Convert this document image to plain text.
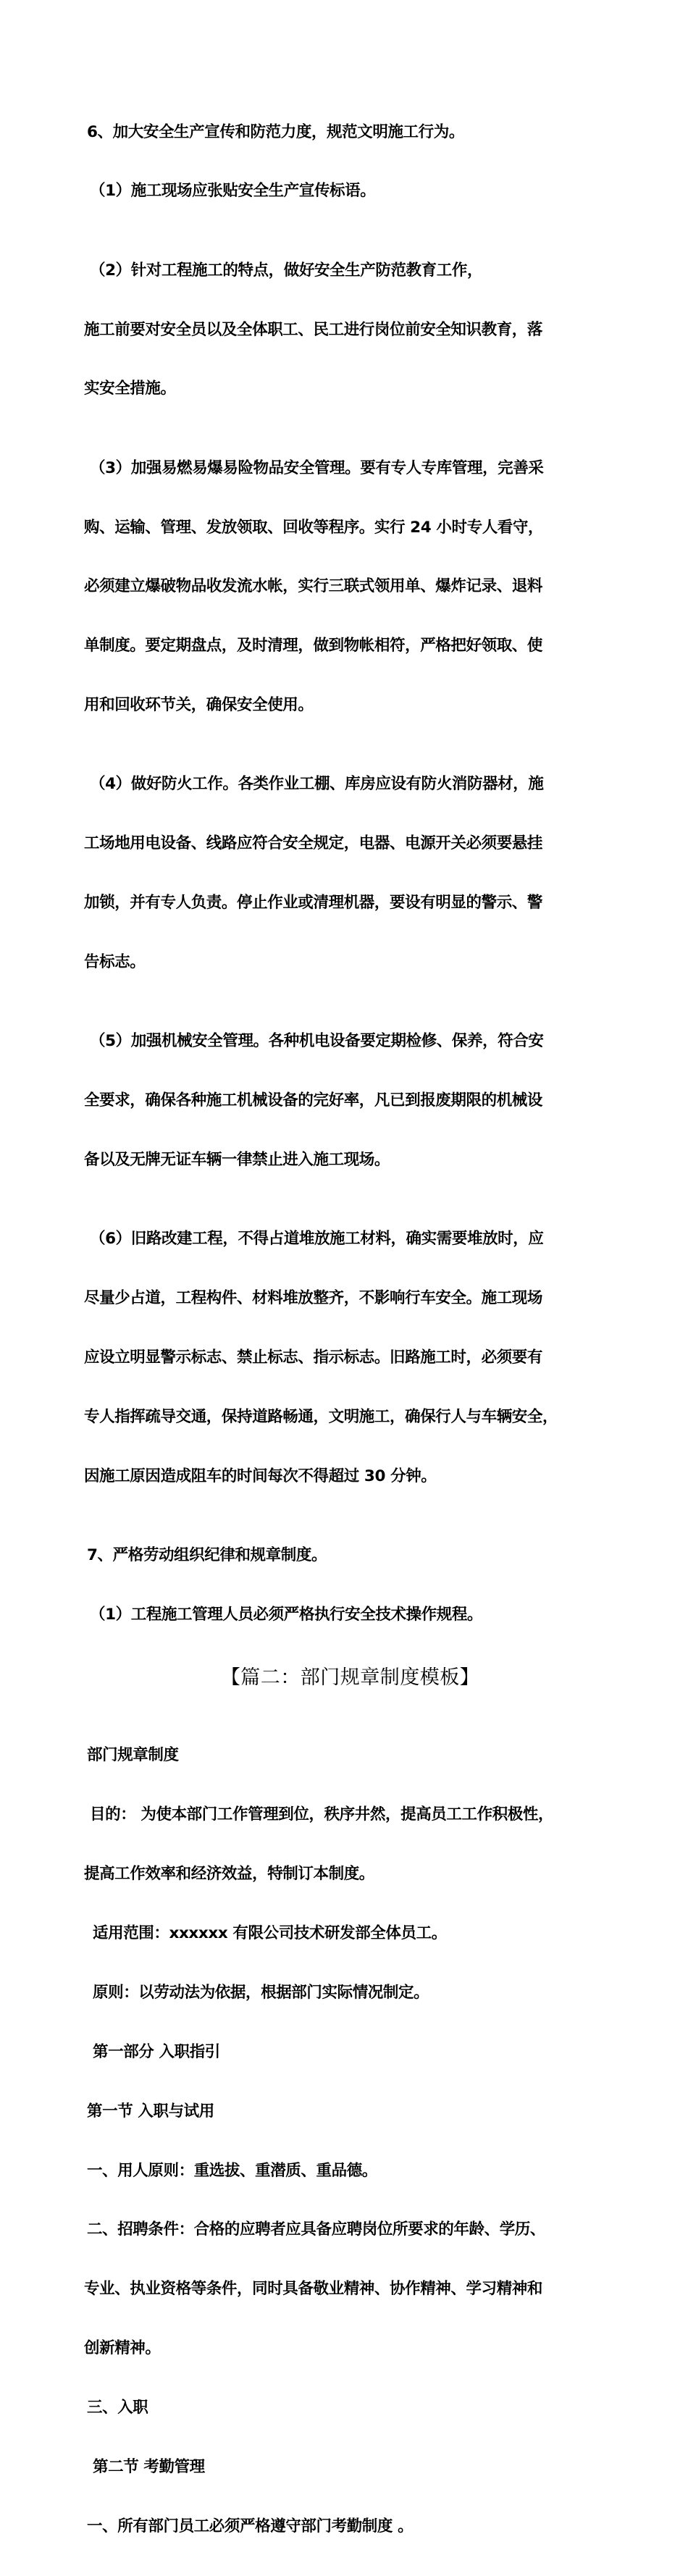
6、加大安全生产宣传和防范力度，规范文明施工行为。

（1）施工现场应张贴安全生产宣传标语。

（2）针对工程施工的特点，做好安全生产防范教育工作，

施工前要对安全员以及全体职工、民工进行岗位前安全知识教育，落

实安全措施。

（3）加强易燃易爆易险物品安全管理。要有专人专库管理，完善采

购、运输、管理、发放领取、回收等程序。实行 24 小时专人看守，

必须建立爆破物品收发流水帐，实行三联式领用单、爆炸记录、退料

单制度。要定期盘点，及时清理，做到物帐相符，严格把好领取、使

用和回收环节关，确保安全使用。

（4）做好防火工作。各类作业工棚、库房应设有防火消防器材，施

工场地用电设备、线路应符合安全规定，电器、电源开关必须要悬挂

加锁，并有专人负责。停止作业或清理机器，要设有明显的警示、警

告标志。

（5）加强机械安全管理。各种机电设备要定期检修、保养，符合安

全要求，确保各种施工机械设备的完好率，凡已到报废期限的机械设

备以及无牌无证车辆一律禁止进入施工现场。

（6）旧路改建工程，不得占道堆放施工材料，确实需要堆放时，应

尽量少占道，工程构件、材料堆放整齐，不影响行车安全。施工现场

应设立明显警示标志、禁止标志、指示标志。旧路施工时，必须要有

专人指挥疏导交通，保持道路畅通，文明施工，确保行人与车辆安全，

因施工原因造成阻车的时间每次不得超过 30 分钟。

7、严格劳动组织纪律和规章制度。

（1）工程施工管理人员必须严格执行安全技术操作规程。

【篇二：部门规章制度模板】

部门规章制度

目的： 为使本部门工作管理到位，秩序井然，提高员工工作积极性，

提高工作效率和经济效益，特制订本制度。

适用范围：xxxxxx 有限公司技术研发部全体员工。

原则：以劳动法为依据，根据部门实际情况制定。

第一部分 入职指引

第一节 入职与试用

一、用人原则：重选拔、重潜质、重品德。

二、招聘条件：合格的应聘者应具备应聘岗位所要求的年龄、学历、

专业、执业资格等条件，同时具备敬业精神、协作精神、学习精神和

创新精神。

三、入职

第二节 考勤管理

一、所有部门员工必须严格遵守部门考勤制度 。
